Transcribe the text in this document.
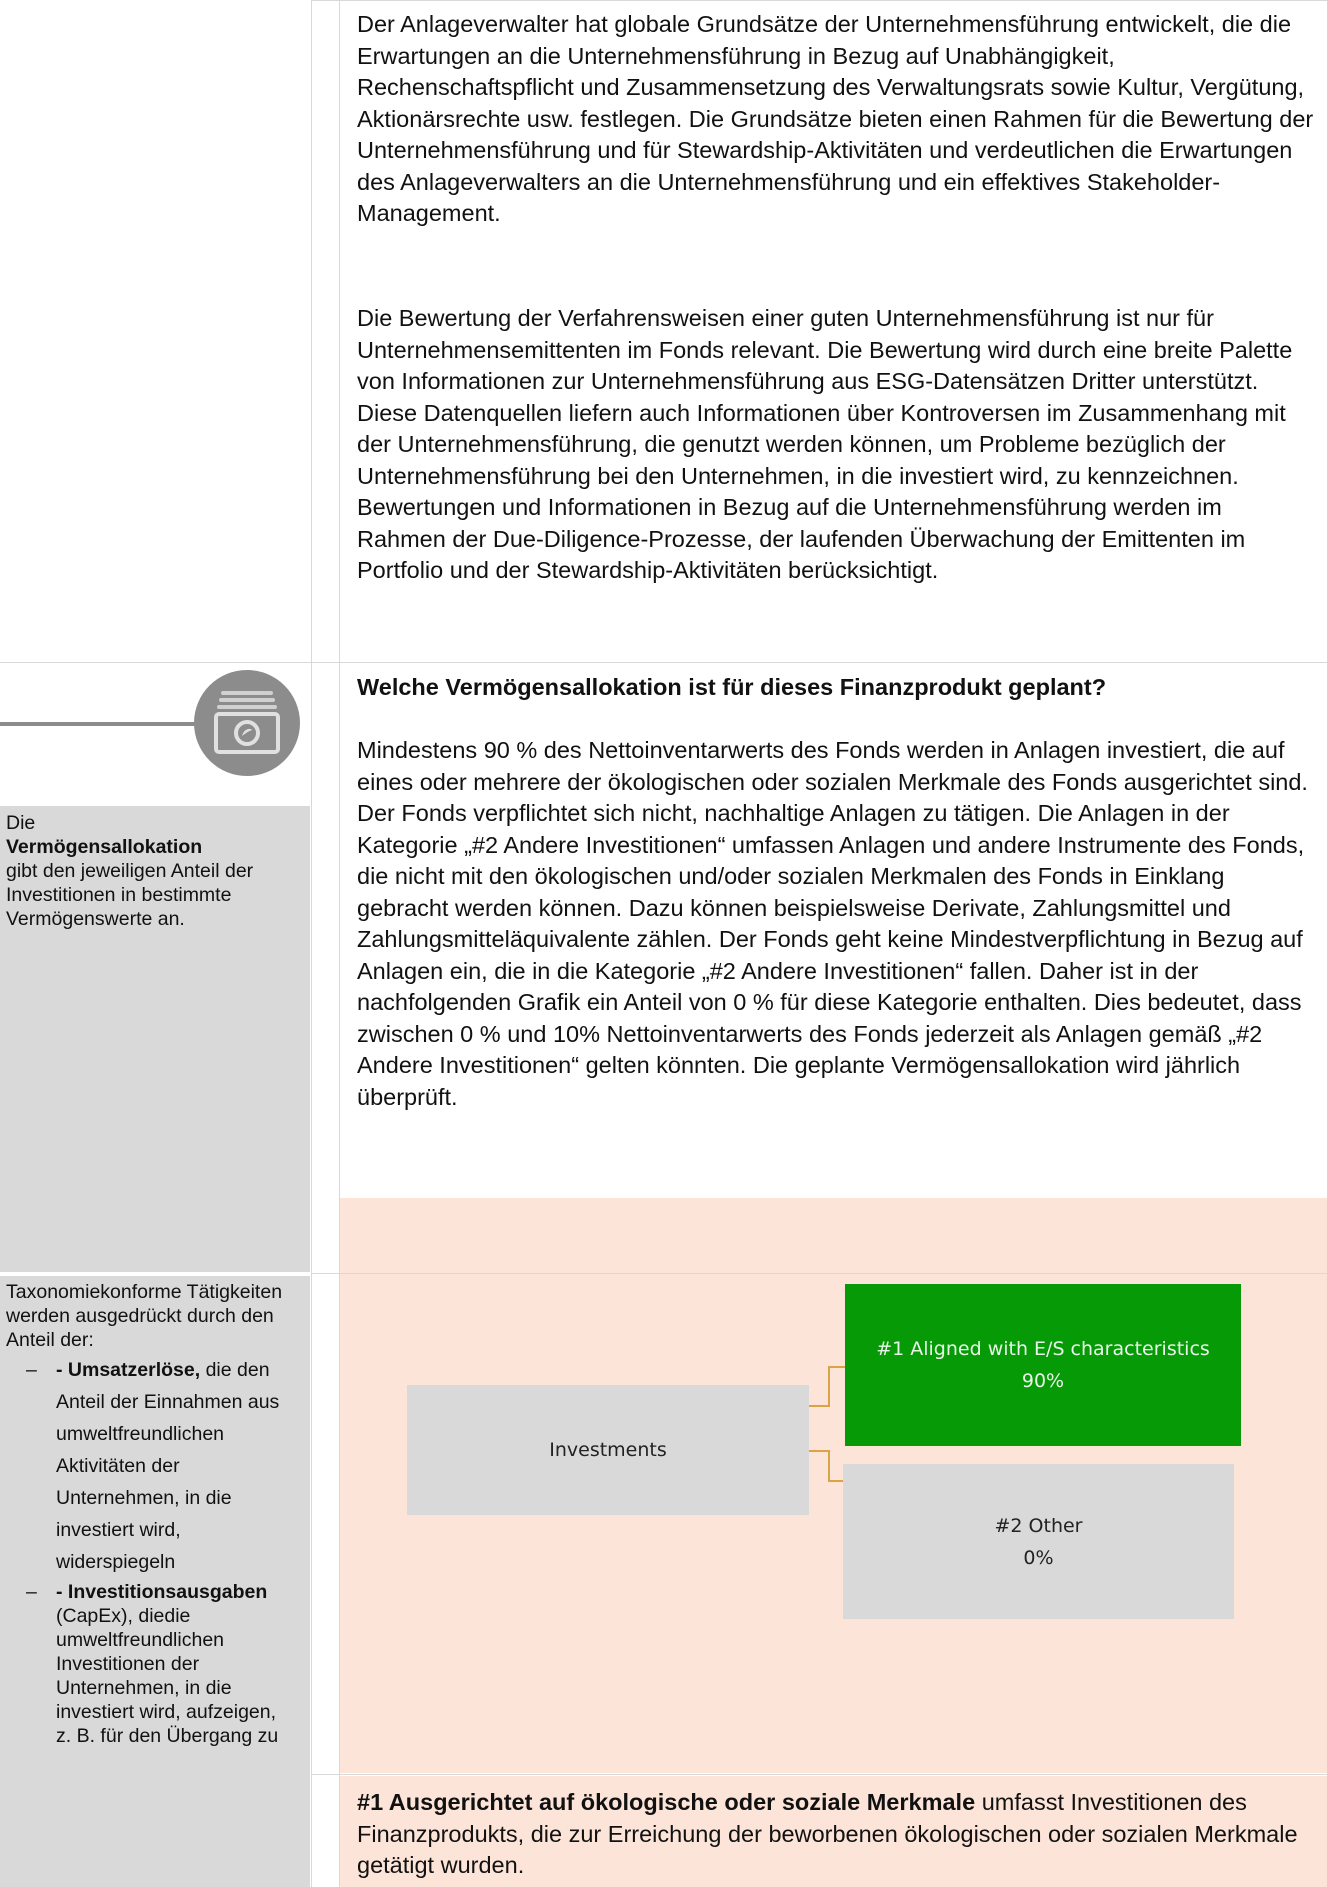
Der Anlageverwalter hat globale Grundsätze der Unternehmensführung entwickelt, die die Erwartungen an die Unternehmensführung in Bezug auf Unabhängigkeit, Rechenschaftspflicht und Zusammensetzung des Verwaltungsrats sowie Kultur, Vergütung, Aktionärsrechte usw. festlegen. Die Grundsätze bieten einen Rahmen für die Bewertung der Unternehmensführung und für Stewardship-Aktivitäten und verdeutlichen die Erwartungen des Anlageverwalters an die Unternehmensführung und ein effektives Stakeholder-Management.

Die Bewertung der Verfahrensweisen einer guten Unternehmensführung ist nur für Unternehmensemittenten im Fonds relevant. Die Bewertung wird durch eine breite Palette von Informationen zur Unternehmensführung aus ESG-Datensätzen Dritter unterstützt. Diese Datenquellen liefern auch Informationen über Kontroversen im Zusammenhang mit der Unternehmensführung, die genutzt werden können, um Probleme bezüglich der Unternehmensführung bei den Unternehmen, in die investiert wird, zu kennzeichnen. Bewertungen und Informationen in Bezug auf die Unternehmensführung werden im Rahmen der Due-Diligence-Prozesse, der laufenden Überwachung der Emittenten im Portfolio und der Stewardship-Aktivitäten berücksichtigt.

Die
Vermögensallokation
gibt den jeweiligen Anteil der Investitionen in bestimmte Vermögenswerte an.

Taxonomiekonforme Tätigkeiten werden ausgedrückt durch den Anteil der:
– - Umsatzerlöse, die den Anteil der Einnahmen aus umweltfreundlichen Aktivitäten der Unternehmen, in die investiert wird, widerspiegeln
– - Investitionsausgaben (CapEx), diedie umweltfreundlichen Investitionen der Unternehmen, in die investiert wird, aufzeigen, z. B. für den Übergang zu

Welche Vermögensallokation ist für dieses Finanzprodukt geplant?

Mindestens 90 % des Nettoinventarwerts des Fonds werden in Anlagen investiert, die auf eines oder mehrere der ökologischen oder sozialen Merkmale des Fonds ausgerichtet sind. Der Fonds verpflichtet sich nicht, nachhaltige Anlagen zu tätigen. Die Anlagen in der Kategorie „#2 Andere Investitionen“ umfassen Anlagen und andere Instrumente des Fonds, die nicht mit den ökologischen und/oder sozialen Merkmalen des Fonds in Einklang gebracht werden können. Dazu können beispielsweise Derivate, Zahlungsmittel und Zahlungsmitteläquivalente zählen. Der Fonds geht keine Mindestverpflichtung in Bezug auf Anlagen ein, die in die Kategorie „#2 Andere Investitionen“ fallen. Daher ist in der nachfolgenden Grafik ein Anteil von 0 % für diese Kategorie enthalten. Dies bedeutet, dass zwischen 0 % und 10% Nettoinventarwerts des Fonds jederzeit als Anlagen gemäß „#2 Andere Investitionen“ gelten könnten. Die geplante Vermögensallokation wird jährlich überprüft.

Investments
#1 Aligned with E/S characteristics
90%
#2 Other
0%

#1 Ausgerichtet auf ökologische oder soziale Merkmale umfasst Investitionen des Finanzprodukts, die zur Erreichung der beworbenen ökologischen oder sozialen Merkmale getätigt wurden.
